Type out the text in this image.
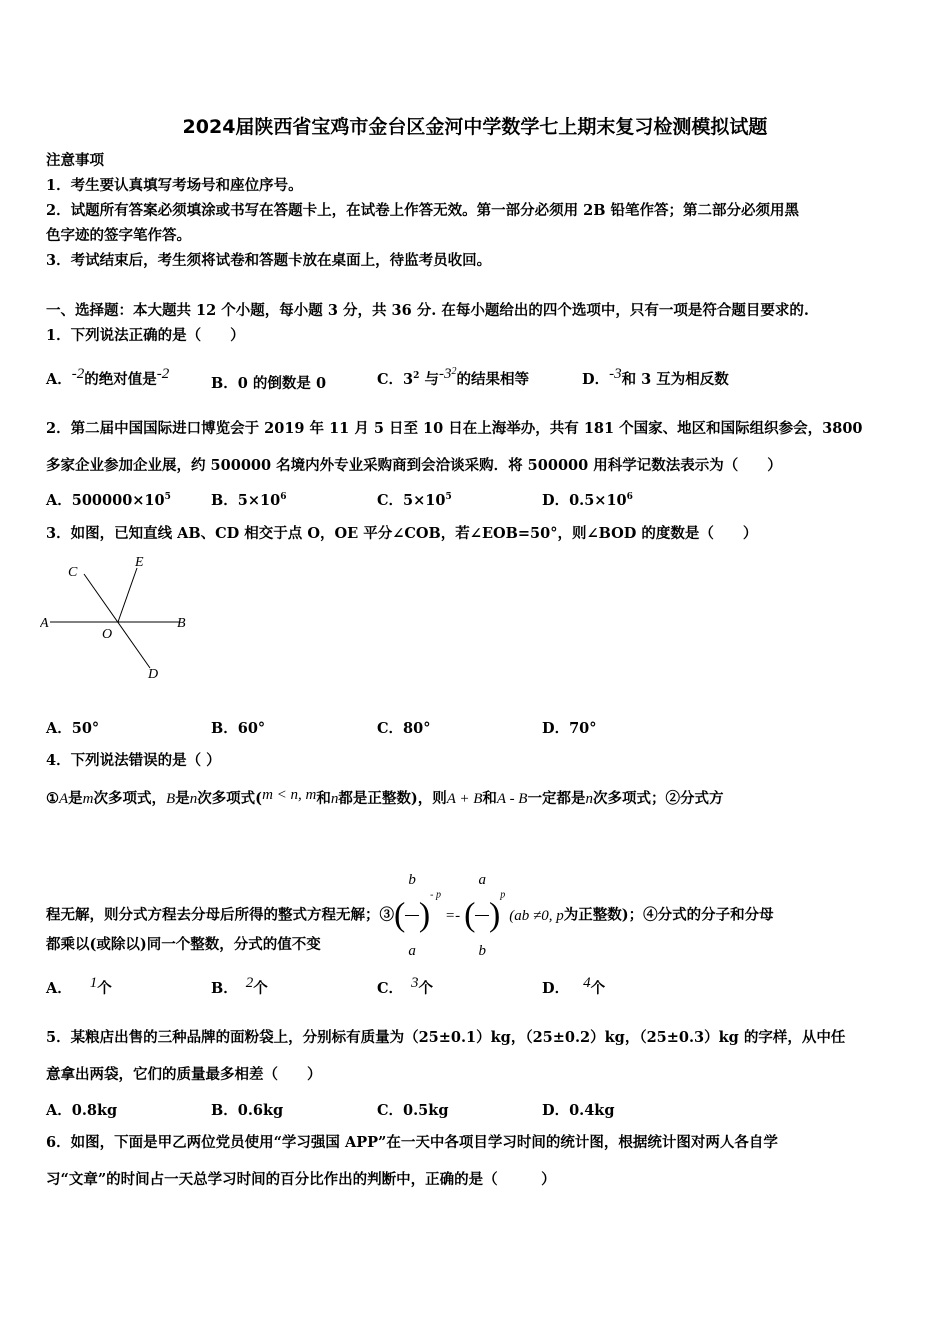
2024届陕西省宝鸡市金台区金河中学数学七上期末复习检测模拟试题
注意事项
1．考生要认真填写考场号和座位序号。
2．试题所有答案必须填涂或书写在答题卡上，在试卷上作答无效。第一部分必须用 2B 铅笔作答；第二部分必须用黑
色字迹的签字笔作答。
3．考试结束后，考生须将试卷和答题卡放在桌面上，待监考员收回。
一、选择题：本大题共 12 个小题，每小题 3 分，共 36 分. 在每小题给出的四个选项中，只有一项是符合题目要求的.
1．下列说法正确的是（　　）
A．-2的绝对值是-2
B．0 的倒数是 0	C．$3^2$ 与$-3^2$的结果相等	D．-3和 3 互为相反数
2．第二届中国国际进口博览会于 2019 年 11 月 5 日至 10 日在上海举办，共有 181 个国家、地区和国际组织参会，3800
多家企业参加企业展，约 500000 名境内外专业采购商到会洽谈采购．将 500000 用科学记数法表示为（　　）
A．$500000\times 10^5$	B．$5\times 10^6$	C．$5\times 10^5$	D．$0.5\times 10^6$
3．如图，已知直线 AB、CD 相交于点 O，OE 平分∠COB，若∠EOB=50°，则∠BOD 的度数是（　　）
A	B
C
D
E
O
A．50°	B．60°	C．80°	D．70°
4．下列说法错误的是（ ）
①A是m次多项式，B是n次多项式(m < n, m和n都是正整数)，则A + B和A - B一定都是n次多项式；②分式方
程无解，则分式方程去分母后所得的整式方程无解；③( $\frac{b}{a} )^{- p}=-$ ( $\frac{a}{b} )^p(ab \ne 0$, p为正整数)；④分式的分子和分母
都乘以(或除以)同一个整数，分式的值不变
A． 1个	B． 2个	C． 3个	D． 4个
5．某粮店出售的三种品牌的面粉袋上，分别标有质量为（25±0.1）kg，（25±0.2）kg，（25±0.3）kg 的字样，从中任
意拿出两袋，它们的质量最多相差（　　）
A．0.8kg	B．0.6kg	C．0.5kg	D．0.4kg
6．如图，下面是甲乙两位党员使用“学习强国 APP”在一天中各项目学习时间的统计图，根据统计图对两人各自学
习“文章”的时间占一天总学习时间的百分比作出的判断中，正确的是（　　　）
